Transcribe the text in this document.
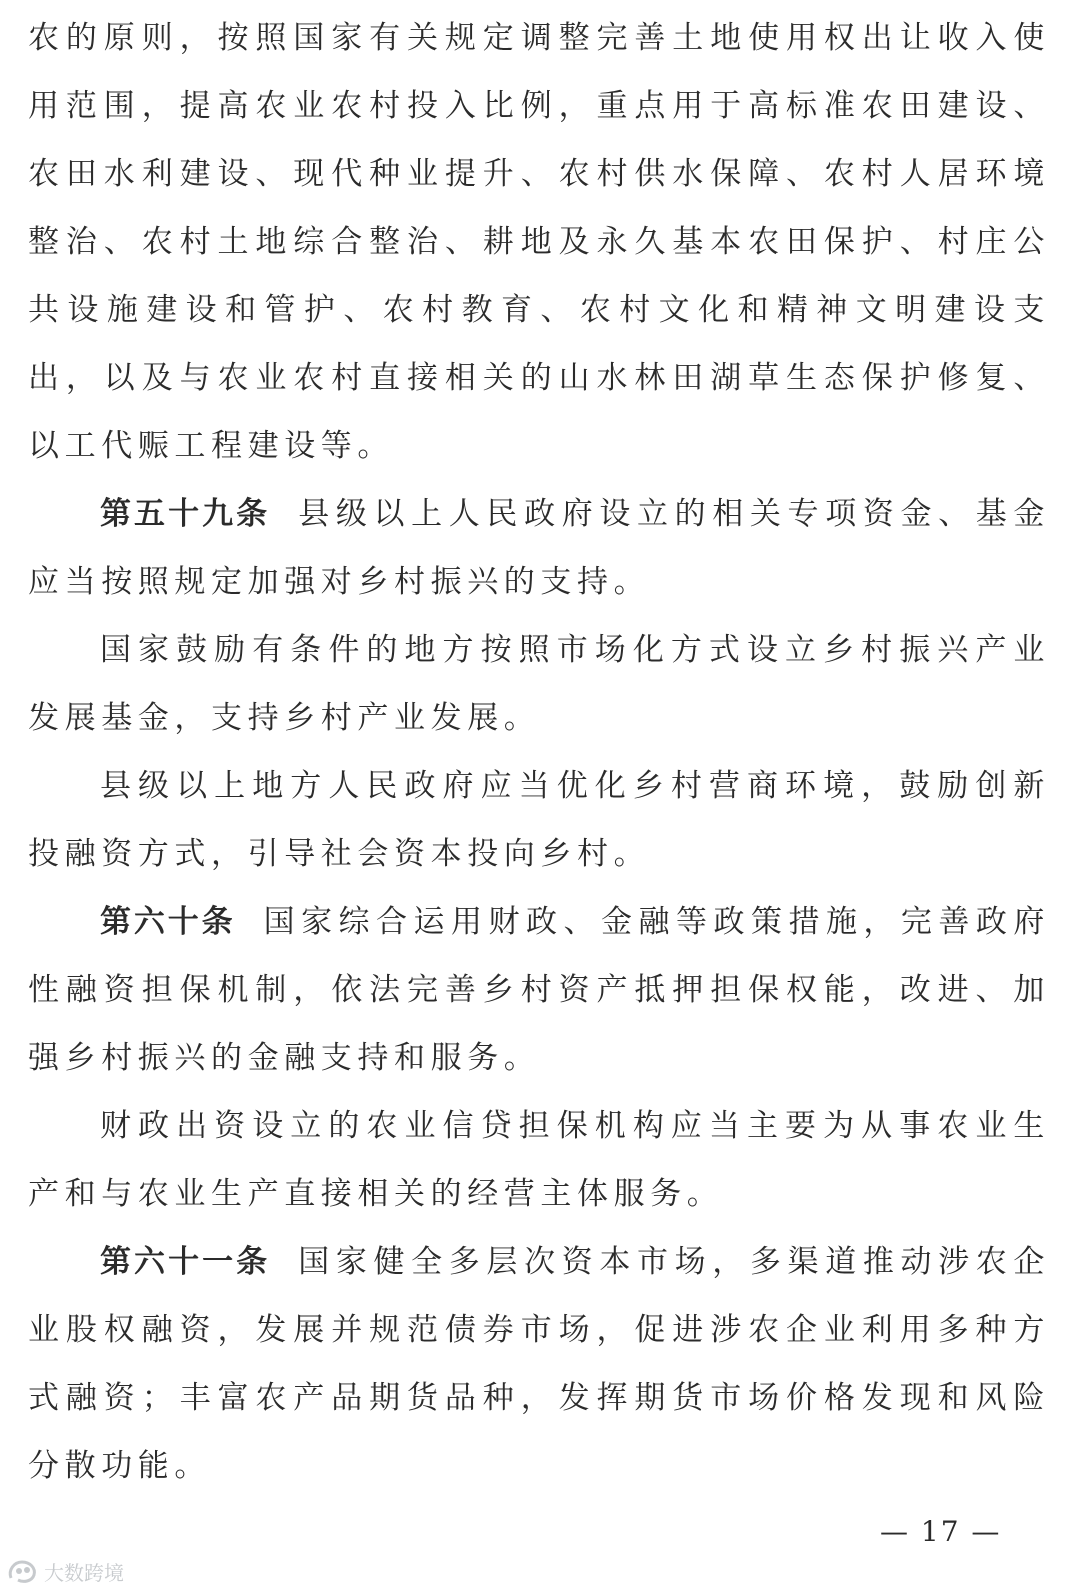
农的原则，按照国家有关规定调整完善土地使用权出让收入使用范围，提高农业农村投入比例，重点用于高标准农田建设、农田水利建设、现代种业提升、农村供水保障、农村人居环境整治、农村土地综合整治、耕地及永久基本农田保护、村庄公共设施建设和管护、农村教育、农村文化和精神文明建设支出，以及与农业农村直接相关的山水林田湖草生态保护修复、以工代赈工程建设等。

第五十九条 县级以上人民政府设立的相关专项资金、基金应当按照规定加强对乡村振兴的支持。

国家鼓励有条件的地方按照市场化方式设立乡村振兴产业发展基金，支持乡村产业发展。

县级以上地方人民政府应当优化乡村营商环境，鼓励创新投融资方式，引导社会资本投向乡村。

第六十条 国家综合运用财政、金融等政策措施，完善政府性融资担保机制，依法完善乡村资产抵押担保权能，改进、加强乡村振兴的金融支持和服务。

财政出资设立的农业信贷担保机构应当主要为从事农业生产和与农业生产直接相关的经营主体服务。

第六十一条 国家健全多层次资本市场，多渠道推动涉农企业股权融资，发展并规范债券市场，促进涉农企业利用多种方式融资；丰富农产品期货品种，发挥期货市场价格发现和风险分散功能。

— 17 —
大数跨境
